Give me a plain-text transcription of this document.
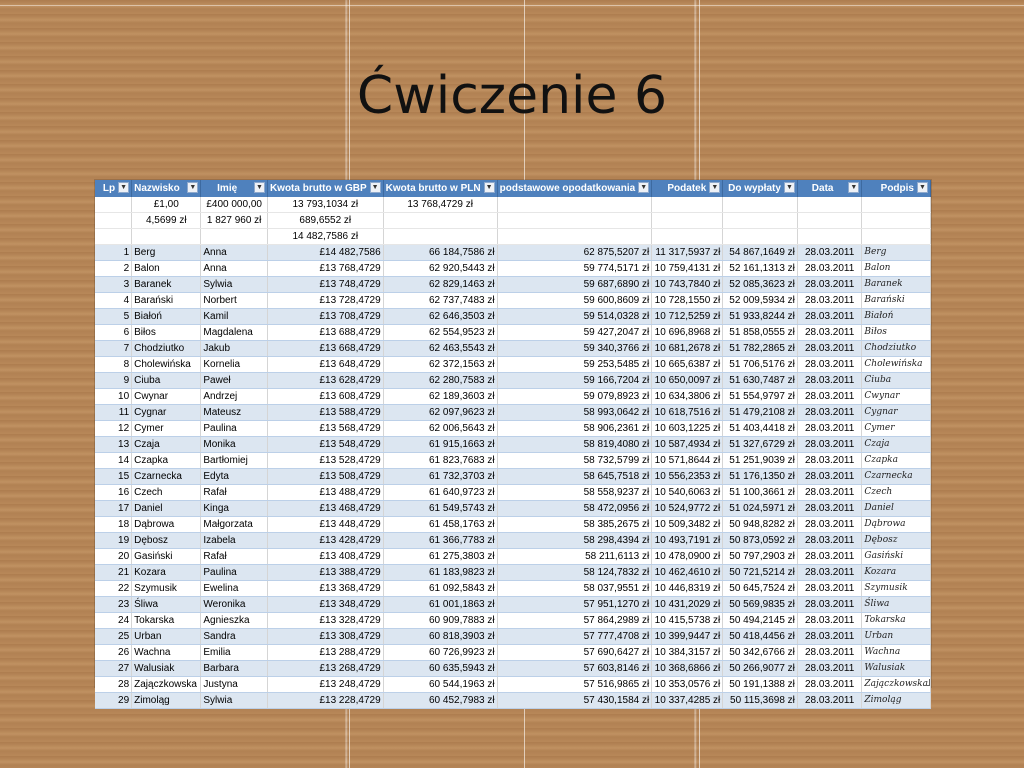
Ćwiczenie 6
	£1,00	£400 000,00	13 793,1034 zł	13 768,4729 zł					
	4,5699 zł	1 827 960 zł	689,6552 zł						
			14 482,7586 zł						
Lp ▼	Nazwisko ▼	Imię ▼	Kwota brutto w GBP ▼	Kwota brutto w PLN ▼	podstawowe opodatkowania ▼	Podatek ▼	Do wypłaty ▼	Data ▼	Podpis ▼

1	Berg	Anna	£14 482,7586	66 184,7586 zł	62 875,5207 zł	11 317,5937 zł	54 867,1649 zł	28.03.2011	Berg
2	Balon	Anna	£13 768,4729	62 920,5443 zł	59 774,5171 zł	10 759,4131 zł	52 161,1313 zł	28.03.2011	Balon
3	Baranek	Sylwia	£13 748,4729	62 829,1463 zł	59 687,6890 zł	10 743,7840 zł	52 085,3623 zł	28.03.2011	Baranek
4	Barański	Norbert	£13 728,4729	62 737,7483 zł	59 600,8609 zł	10 728,1550 zł	52 009,5934 zł	28.03.2011	Barański
5	Białoń	Kamil	£13 708,4729	62 646,3503 zł	59 514,0328 zł	10 712,5259 zł	51 933,8244 zł	28.03.2011	Białoń
6	Biłos	Magdalena	£13 688,4729	62 554,9523 zł	59 427,2047 zł	10 696,8968 zł	51 858,0555 zł	28.03.2011	Biłos
7	Chodziutko	Jakub	£13 668,4729	62 463,5543 zł	59 340,3766 zł	10 681,2678 zł	51 782,2865 zł	28.03.2011	Chodziutko
8	Cholewińska	Kornelia	£13 648,4729	62 372,1563 zł	59 253,5485 zł	10 665,6387 zł	51 706,5176 zł	28.03.2011	Cholewińska
9	Ciuba	Paweł	£13 628,4729	62 280,7583 zł	59 166,7204 zł	10 650,0097 zł	51 630,7487 zł	28.03.2011	Ciuba
10	Cwynar	Andrzej	£13 608,4729	62 189,3603 zł	59 079,8923 zł	10 634,3806 zł	51 554,9797 zł	28.03.2011	Cwynar
11	Cygnar	Mateusz	£13 588,4729	62 097,9623 zł	58 993,0642 zł	10 618,7516 zł	51 479,2108 zł	28.03.2011	Cygnar
12	Cymer	Paulina	£13 568,4729	62 006,5643 zł	58 906,2361 zł	10 603,1225 zł	51 403,4418 zł	28.03.2011	Cymer
13	Czaja	Monika	£13 548,4729	61 915,1663 zł	58 819,4080 zł	10 587,4934 zł	51 327,6729 zł	28.03.2011	Czaja
14	Czapka	Bartłomiej	£13 528,4729	61 823,7683 zł	58 732,5799 zł	10 571,8644 zł	51 251,9039 zł	28.03.2011	Czapka
15	Czarnecka	Edyta	£13 508,4729	61 732,3703 zł	58 645,7518 zł	10 556,2353 zł	51 176,1350 zł	28.03.2011	Czarnecka
16	Czech	Rafał	£13 488,4729	61 640,9723 zł	58 558,9237 zł	10 540,6063 zł	51 100,3661 zł	28.03.2011	Czech
17	Daniel	Kinga	£13 468,4729	61 549,5743 zł	58 472,0956 zł	10 524,9772 zł	51 024,5971 zł	28.03.2011	Daniel
18	Dąbrowa	Małgorzata	£13 448,4729	61 458,1763 zł	58 385,2675 zł	10 509,3482 zł	50 948,8282 zł	28.03.2011	Dąbrowa
19	Dębosz	Izabela	£13 428,4729	61 366,7783 zł	58 298,4394 zł	10 493,7191 zł	50 873,0592 zł	28.03.2011	Dębosz
20	Gasiński	Rafał	£13 408,4729	61 275,3803 zł	58 211,6113 zł	10 478,0900 zł	50 797,2903 zł	28.03.2011	Gasiński
21	Kozara	Paulina	£13 388,4729	61 183,9823 zł	58 124,7832 zł	10 462,4610 zł	50 721,5214 zł	28.03.2011	Kozara
22	Szymusik	Ewelina	£13 368,4729	61 092,5843 zł	58 037,9551 zł	10 446,8319 zł	50 645,7524 zł	28.03.2011	Szymusik
23	Śliwa	Weronika	£13 348,4729	61 001,1863 zł	57 951,1270 zł	10 431,2029 zł	50 569,9835 zł	28.03.2011	Śliwa
24	Tokarska	Agnieszka	£13 328,4729	60 909,7883 zł	57 864,2989 zł	10 415,5738 zł	50 494,2145 zł	28.03.2011	Tokarska
25	Urban	Sandra	£13 308,4729	60 818,3903 zł	57 777,4708 zł	10 399,9447 zł	50 418,4456 zł	28.03.2011	Urban
26	Wachna	Emilia	£13 288,4729	60 726,9923 zł	57 690,6427 zł	10 384,3157 zł	50 342,6766 zł	28.03.2011	Wachna
27	Walusiak	Barbara	£13 268,4729	60 635,5943 zł	57 603,8146 zł	10 368,6866 zł	50 266,9077 zł	28.03.2011	Walusiak
28	Zajączkowska	Justyna	£13 248,4729	60 544,1963 zł	57 516,9865 zł	10 353,0576 zł	50 191,1388 zł	28.03.2011	Zajączkowska
29	Zimoląg	Sylwia	£13 228,4729	60 452,7983 zł	57 430,1584 zł	10 337,4285 zł	50 115,3698 zł	28.03.2011	Zimoląg
